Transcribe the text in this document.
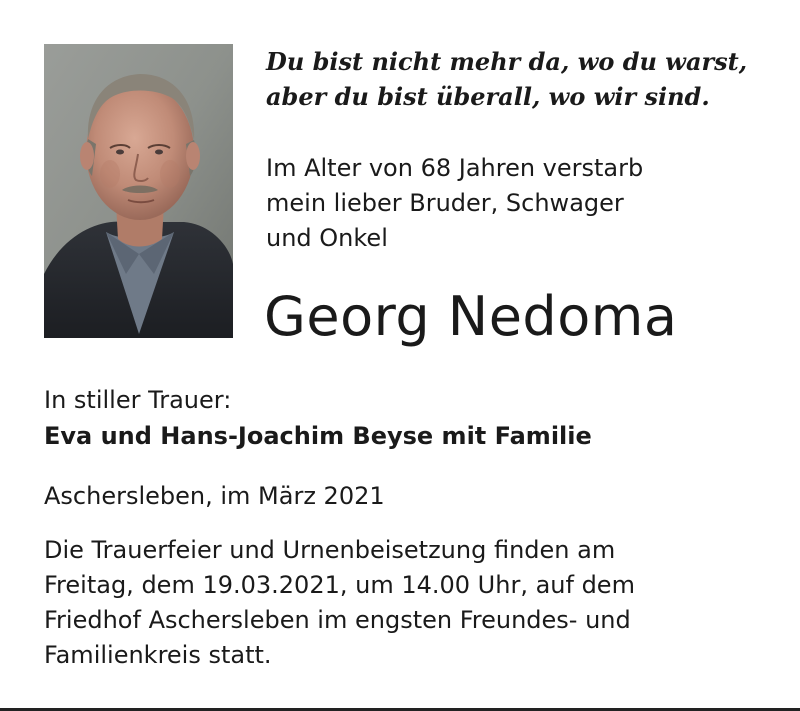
Du bist nicht mehr da, wo du warst,
aber du bist überall, wo wir sind.
Im Alter von 68 Jahren verstarb
mein lieber Bruder, Schwager
und Onkel
Georg Nedoma
In stiller Trauer:
Eva und Hans-Joachim Beyse mit Familie
Aschersleben, im März 2021
Die Trauerfeier und Urnenbeisetzung finden am
Freitag, dem 19.03.2021, um 14.00 Uhr, auf dem
Friedhof Aschersleben im engsten Freundes- und
Familienkreis statt.
